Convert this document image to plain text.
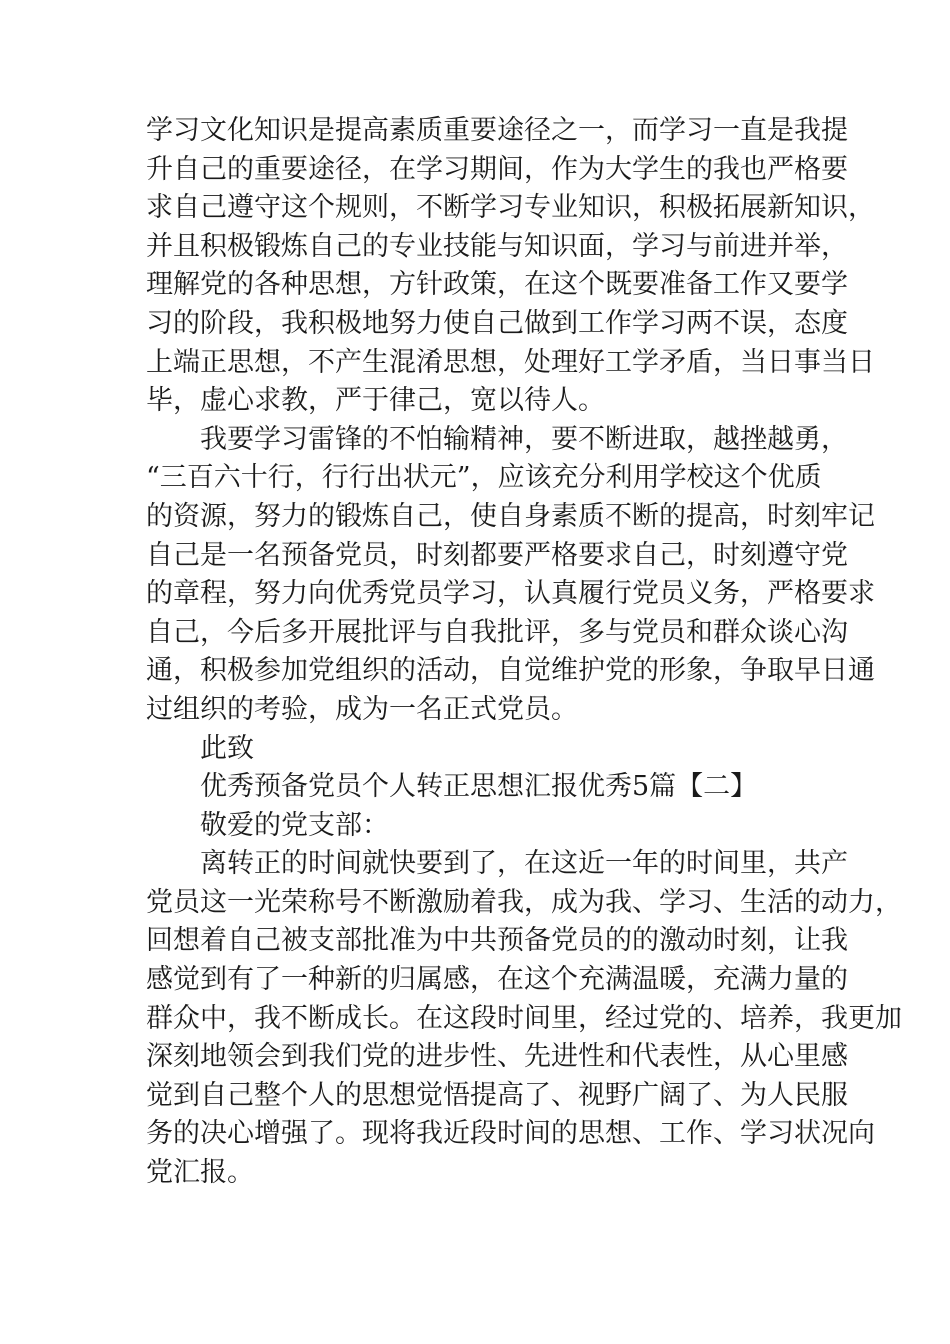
学习文化知识是提高素质重要途径之一，而学习一直是我提
升自己的重要途径，在学习期间，作为大学生的我也严格要
求自己遵守这个规则，不断学习专业知识，积极拓展新知识，
并且积极锻炼自己的专业技能与知识面，学习与前进并举，
理解党的各种思想，方针政策，在这个既要准备工作又要学
习的阶段，我积极地努力使自己做到工作学习两不误，态度
上端正思想，不产生混淆思想，处理好工学矛盾，当日事当日
毕，虚心求教，严于律己，宽以待人。
我要学习雷锋的不怕输精神，要不断进取，越挫越勇，
“三百六十行，行行出状元”，应该充分利用学校这个优质
的资源，努力的锻炼自己，使自身素质不断的提高，时刻牢记
自己是一名预备党员，时刻都要严格要求自己，时刻遵守党
的章程，努力向优秀党员学习，认真履行党员义务，严格要求
自己，今后多开展批评与自我批评，多与党员和群众谈心沟
通，积极参加党组织的活动，自觉维护党的形象，争取早日通
过组织的考验，成为一名正式党员。
此致
优秀预备党员个人转正思想汇报优秀5篇【二】
敬爱的党支部：
离转正的时间就快要到了，在这近一年的时间里，共产
党员这一光荣称号不断激励着我，成为我、学习、生活的动力，
回想着自己被支部批准为中共预备党员的的激动时刻，让我
感觉到有了一种新的归属感，在这个充满温暖，充满力量的
群众中，我不断成长。在这段时间里，经过党的、培养，我更加
深刻地领会到我们党的进步性、先进性和代表性，从心里感
觉到自己整个人的思想觉悟提高了、视野广阔了、为人民服
务的决心增强了。现将我近段时间的思想、工作、学习状况向
党汇报。
